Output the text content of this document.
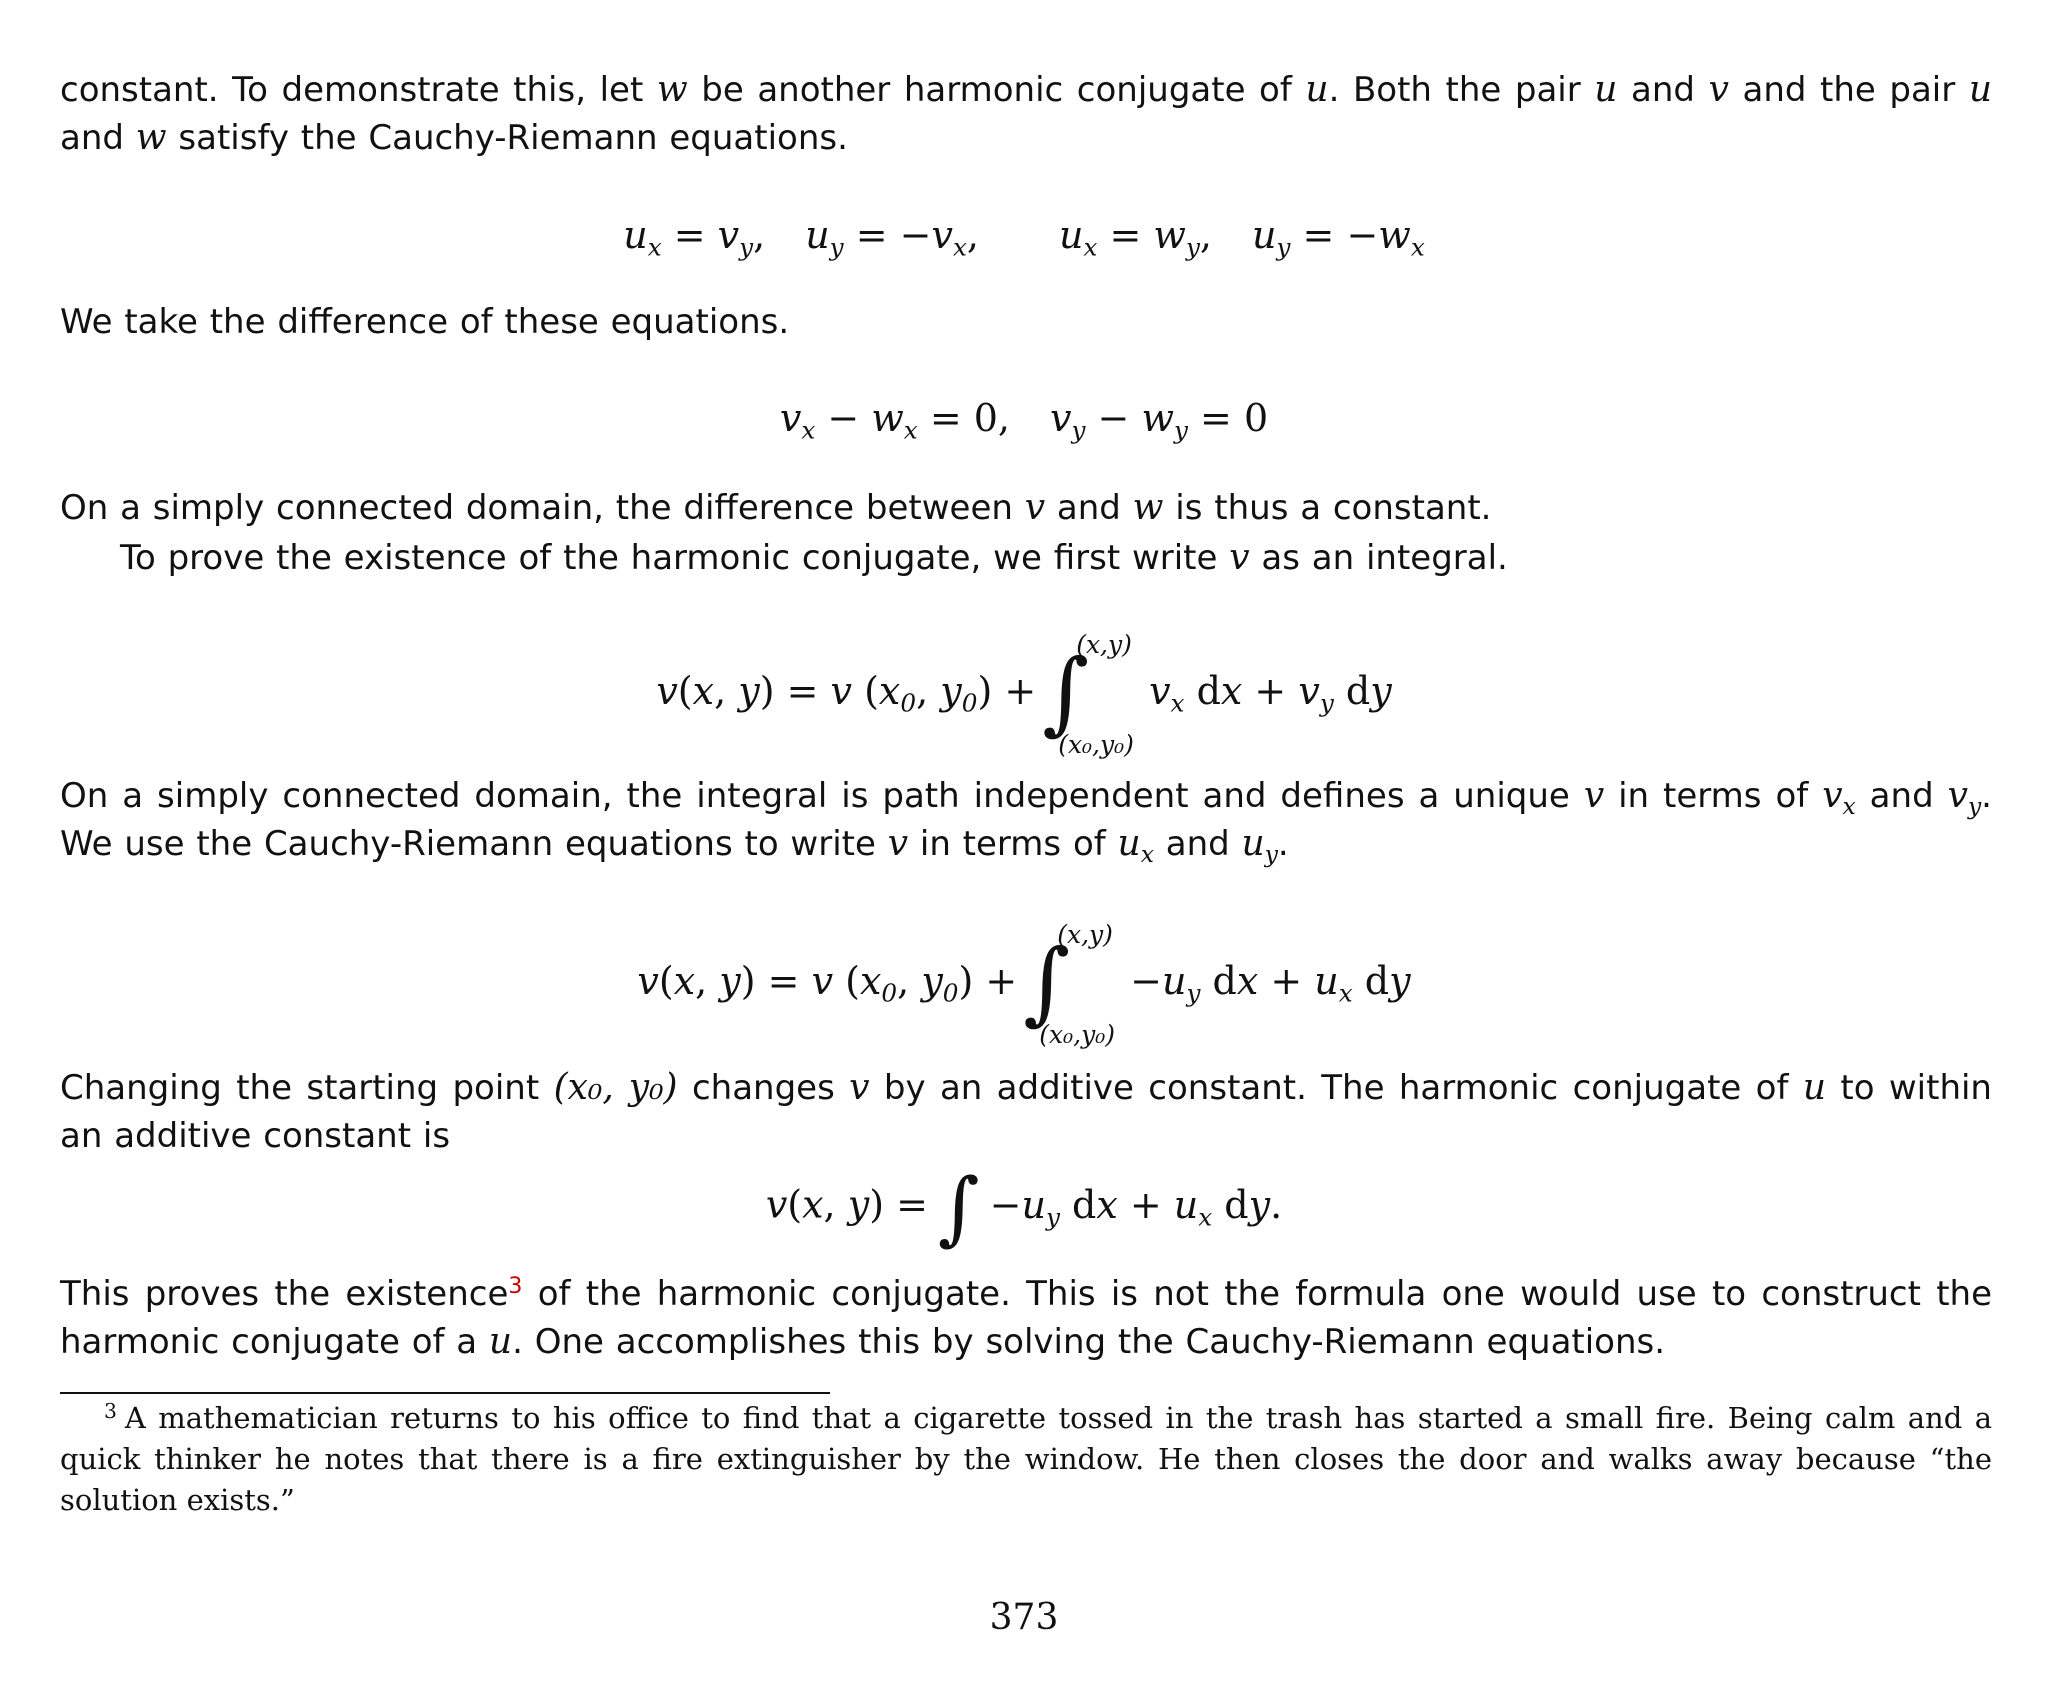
constant. To demonstrate this, let w be another harmonic conjugate of u. Both the pair u and v and the pair u and w satisfy the Cauchy-Riemann equations.
$u_x = v_y$, $u_y = -v_x$, $u_x = w_y$, $u_y = -w_x$
We take the difference of these equations.
$v_x - w_x = 0$, $v_y - w_y = 0$
On a simply connected domain, the difference between v and w is thus a constant.
To prove the existence of the harmonic conjugate, we first write v as an integral.
v(x, y) = v ($x_0$, $y_0$) +∫
(x,y)
(x₀,y₀)
$v_x$ dx + $v_y$ dy
On a simply connected domain, the integral is path independent and defines a unique v in terms of $v_x$ and $v_y$. We use the Cauchy-Riemann equations to write v in terms of $u_x$ and $u_y$.
v(x, y) = v ($x_0$, $y_0$) +∫
(x,y)
(x₀,y₀)
$-u_y$ dx + $u_x$ dy
Changing the starting point (x₀, y₀) changes v by an additive constant. The harmonic conjugate of u to within an additive constant is
v(x, y) = ∫ $-u_y$ dx + $u_x$ dy.
This proves the existence$^3$ of the harmonic conjugate. This is not the formula one would use to construct the harmonic conjugate of a u. One accomplishes this by solving the Cauchy-Riemann equations.
$^3$ A mathematician returns to his office to find that a cigarette tossed in the trash has started a small fire. Being calm and a quick thinker he notes that there is a fire extinguisher by the window. He then closes the door and walks away because “the solution exists.”
373
